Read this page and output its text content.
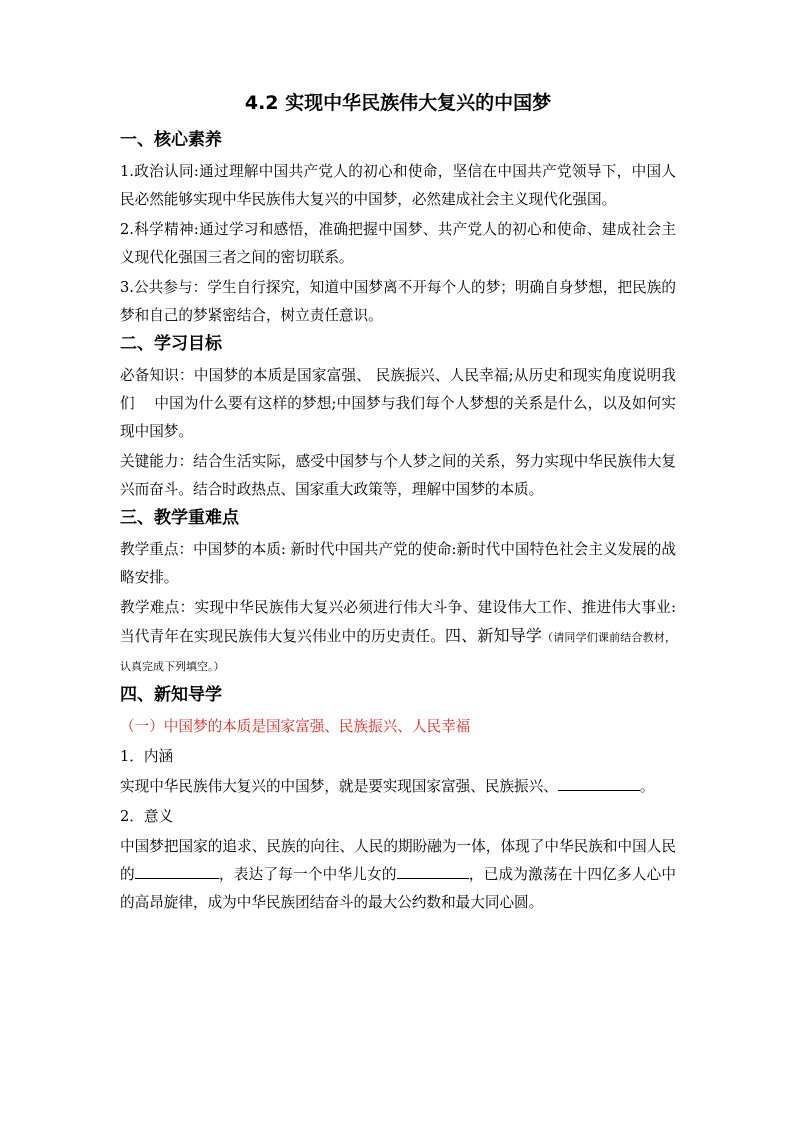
4.2 实现中华民族伟大复兴的中国梦
一、核心素养
1.政治认同:通过理解中国共产党人的初心和使命，坚信在中国共产党领导下，中国人民必然能够实现中华民族伟大复兴的中国梦，必然建成社会主义现代化强国。
2.科学精神:通过学习和感悟，准确把握中国梦、共产党人的初心和使命、建成社会主义现代化强国三者之间的密切联系。
3.公共参与：学生自行探究，知道中国梦离不开每个人的梦；明确自身梦想，把民族的梦和自己的梦紧密结合，树立责任意识。
二、学习目标
必备知识：中国梦的本质是国家富强、 民族振兴、人民幸福;从历史和现实角度说明我们　 中国为什么要有这样的梦想;中国梦与我们每个人梦想的关系是什么，以及如何实现中国梦。
关键能力：结合生活实际，感受中国梦与个人梦之间的关系，努力实现中华民族伟大复兴而奋斗。结合时政热点、国家重大政策等，理解中国梦的本质。
三、教学重难点
教学重点：中国梦的本质: 新时代中国共产党的使命:新时代中国特色社会主义发展的战略安排。
教学难点：实现中华民族伟大复兴必须进行伟大斗争、建设伟大工作、推进伟大事业:当代青年在实现民族伟大复兴伟业中的历史责任。四、新知导学（请同学们课前结合教材，认真完成下列填空。）
四、新知导学
（一）中国梦的本质是国家富强、民族振兴、人民幸福
1．内涵
实现中华民族伟大复兴的中国梦，就是要实现国家富强、民族振兴、	。
2．意义
中国梦把国家的追求、民族的向往、人民的期盼融为一体，体现了中华民族和中国人民的	，表达了每一个中华儿女的	，已成为激荡在十四亿多人心中的高昂旋律，成为中华民族团结奋斗的最大公约数和最大同心圆。
